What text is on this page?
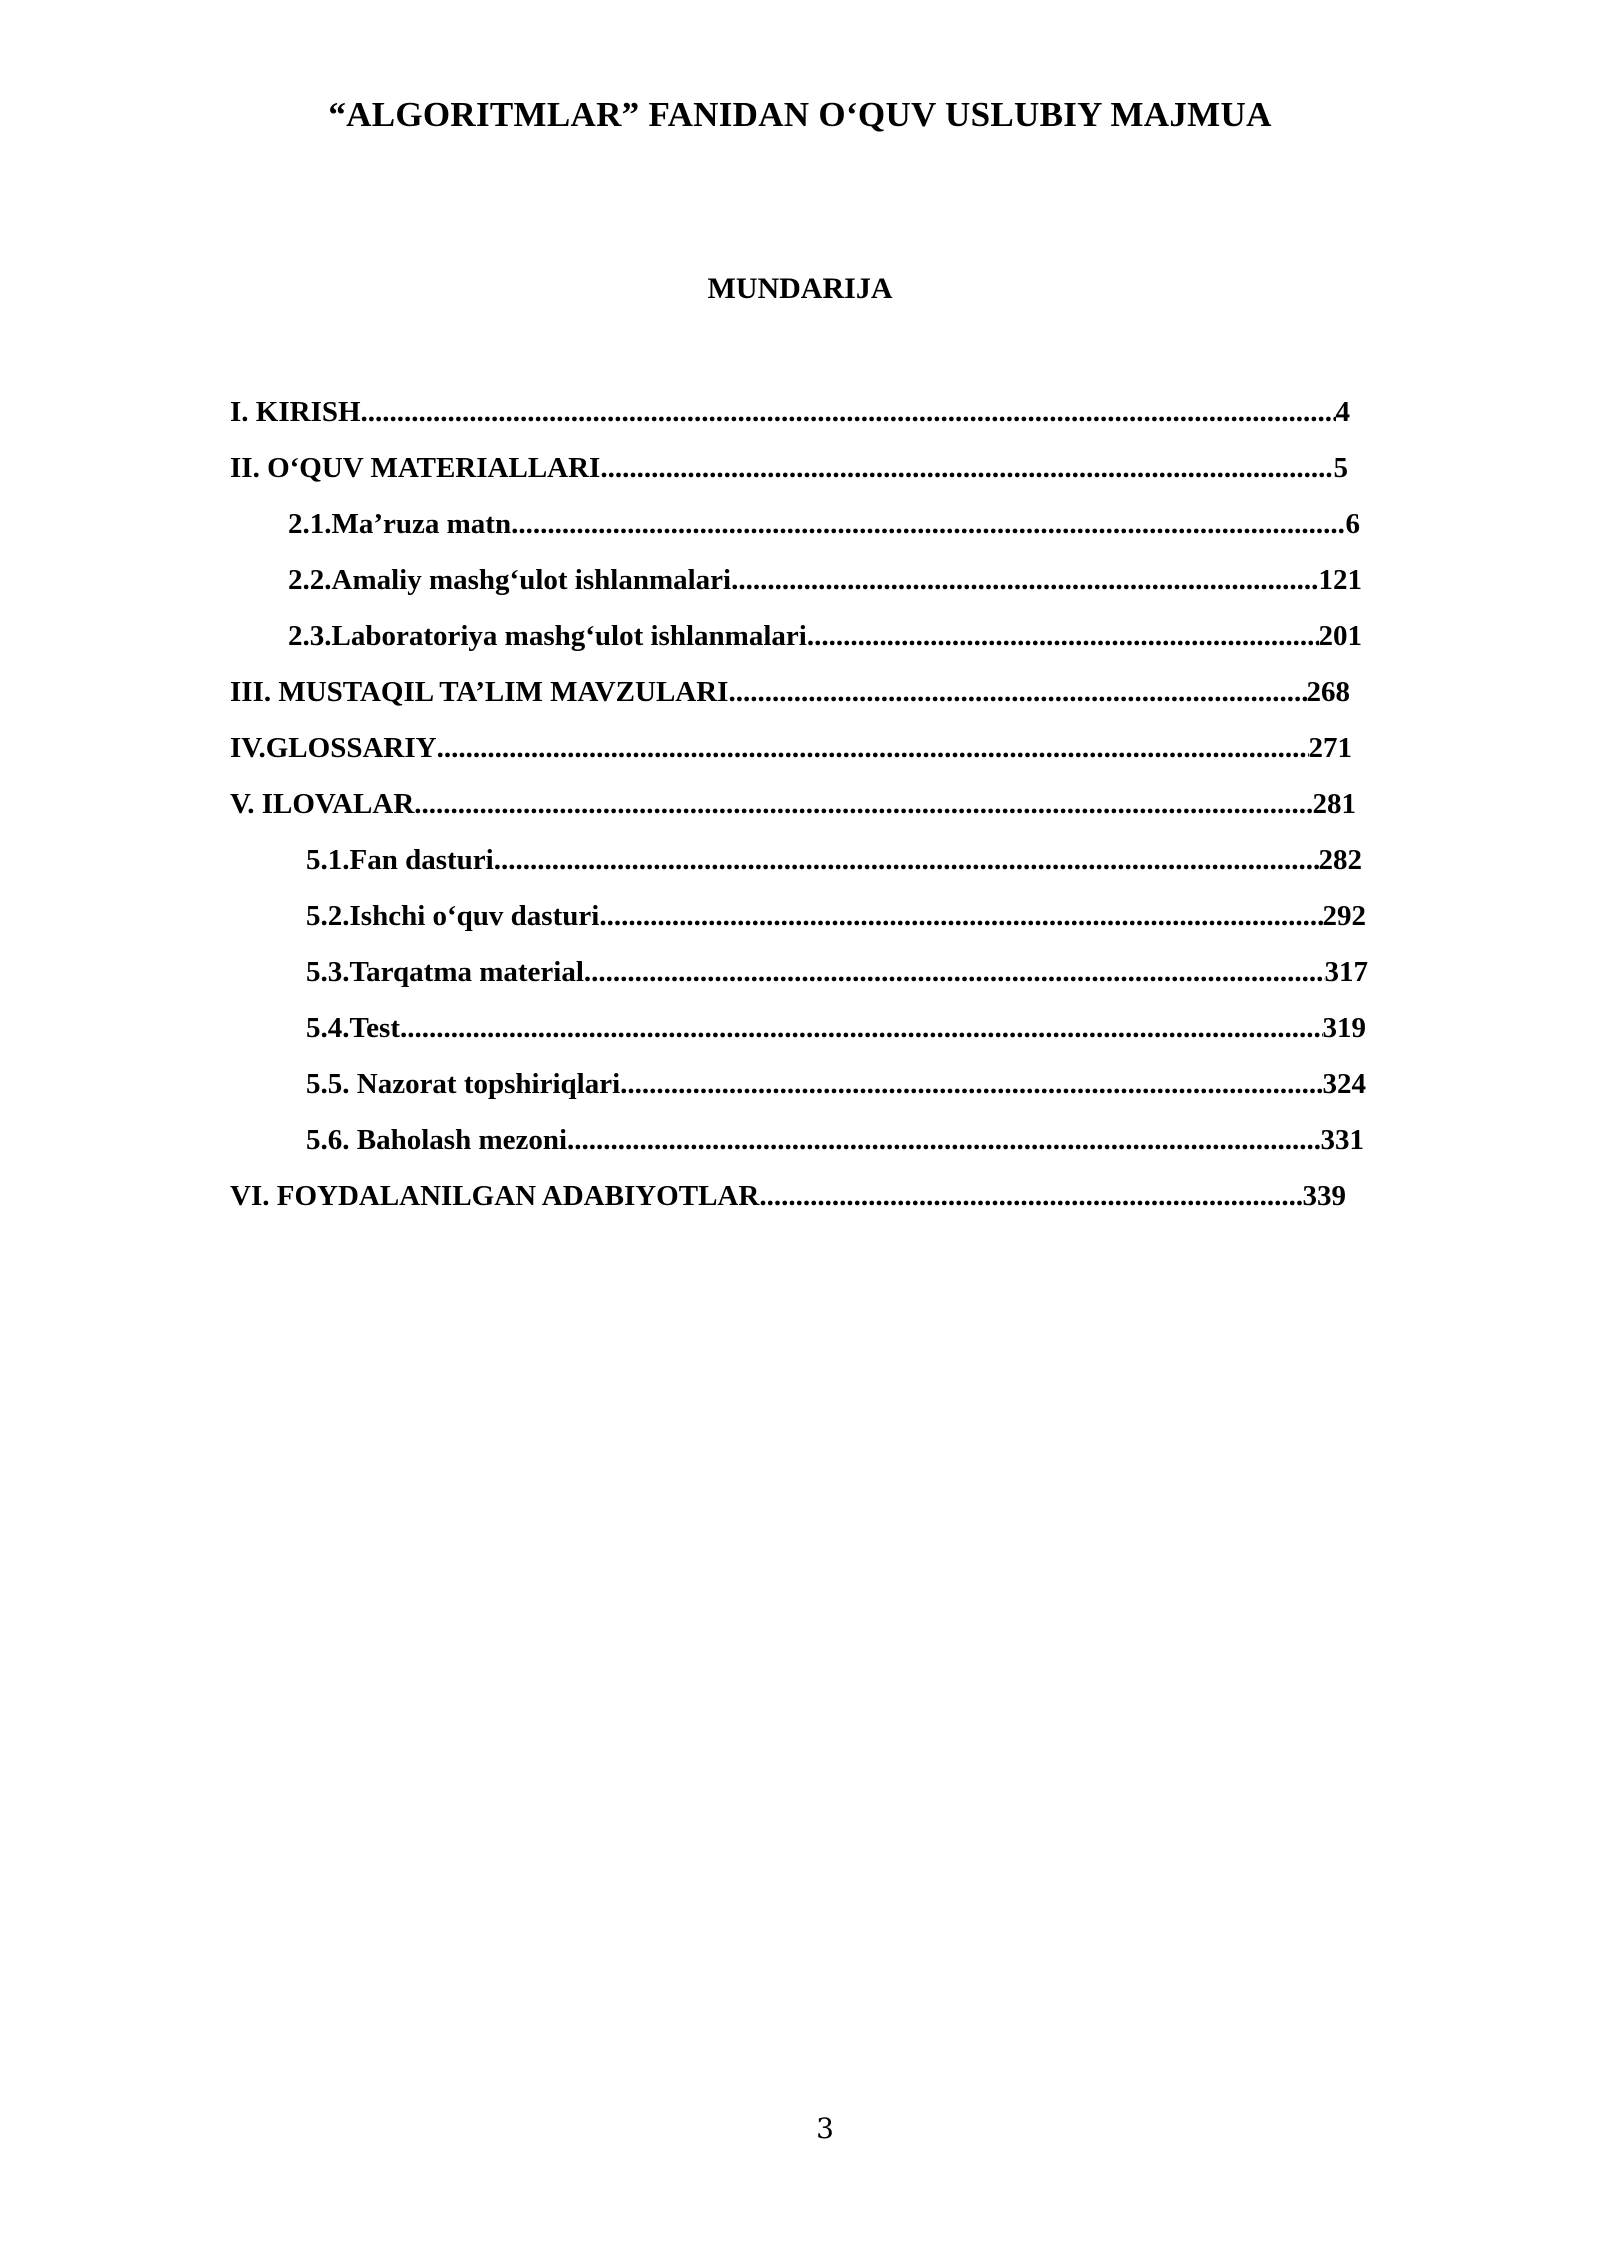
“ALGORITMLAR” FANIDAN O‘QUV USLUBIY MAJMUA
MUNDARIJA
I. KIRISH .....	4
II. O‘QUV MATERIALLARI .....	5
2.1.Ma’ruza matn .....	6
2.2.Amaliy mashg‘ulot ishlanmalari .....	121
2.3.Laboratoriya mashg‘ulot ishlanmalari .....	201
III. MUSTAQIL TA’LIM MAVZULARI......... .....	268
IV.GLOSSARIY .....	271
V. ILOVALAR .....	281
5.1.Fan dasturi .....	282
5.2.Ishchi o‘quv dasturi .....	292
5.3.Tarqatma material .....	317
5.4.Test .....	319
5.5. Nazorat topshiriqlari .....	324
5.6. Baholash mezoni .....	331
VI. FOYDALANILGAN ADABIYOTLAR .....	339
3
